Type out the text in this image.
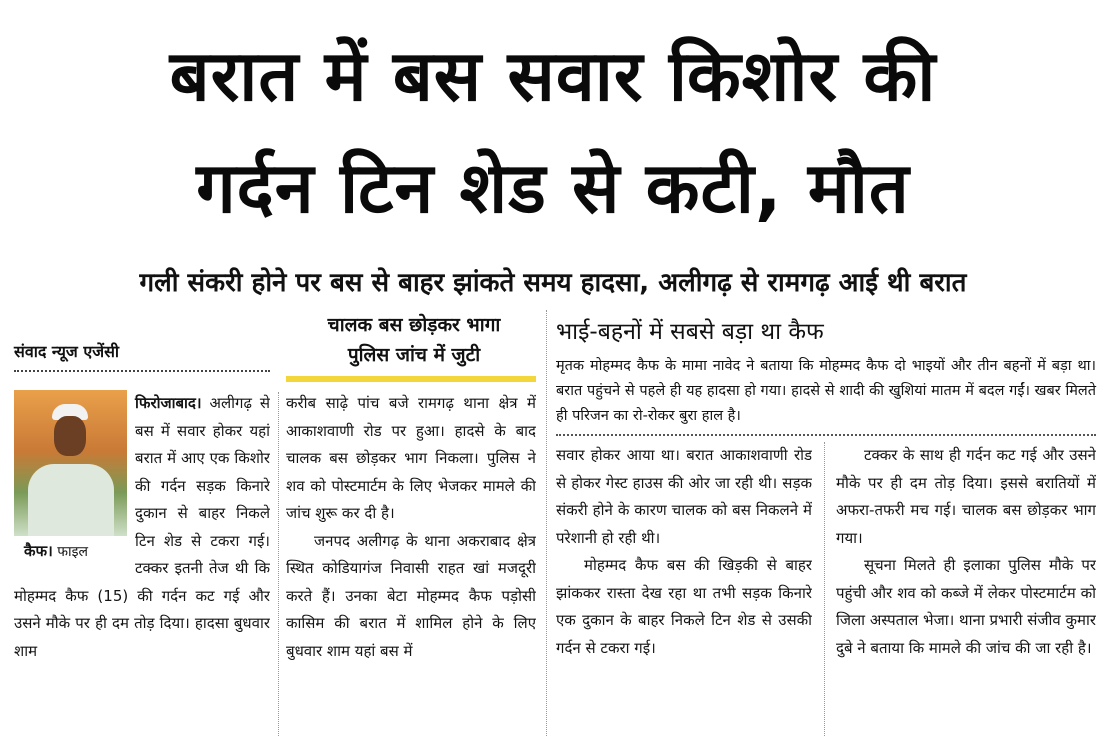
बरात में बस सवार किशोर की
गर्दन टिन शेड से कटी, मौत
गली संकरी होने पर बस से बाहर झांकते समय हादसा, अलीगढ़ से रामगढ़ आई थी बरात
संवाद न्यूज एजेंसी

कैफ। फाइल
फिरोजाबाद। अलीगढ़ से बस में सवार होकर यहां बरात में आए एक किशोर की गर्दन सड़क किनारे दुकान से बाहर निकले टिन शेड से टकरा गई। टक्कर इतनी तेज थी कि मोहम्मद कैफ (15) की गर्दन कट गई और उसने मौके पर ही दम तोड़ दिया। हादसा बुधवार शाम

चालक बस छोड़कर भागा
पुलिस जांच में जुटी

करीब साढ़े पांच बजे रामगढ़ थाना क्षेत्र में आकाशवाणी रोड पर हुआ। हादसे के बाद चालक बस छोड़कर भाग निकला। पुलिस ने शव को पोस्टमार्टम के लिए भेजकर मामले की जांच शुरू कर दी है।

जनपद अलीगढ़ के थाना अकराबाद क्षेत्र स्थित कोडियागंज निवासी राहत खां मजदूरी करते हैं। उनका बेटा मोहम्मद कैफ पड़ोसी कासिम की बरात में शामिल होने के लिए बुधवार शाम यहां बस में

भाई-बहनों में सबसे बड़ा था कैफ
मृतक मोहम्मद कैफ के मामा नावेद ने बताया कि मोहम्मद कैफ दो भाइयों और तीन बहनों में बड़ा था। बरात पहुंचने से पहले ही यह हादसा हो गया। हादसे से शादी की खुशियां मातम में बदल गईं। खबर मिलते ही परिजन का रो-रोकर बुरा हाल है।

सवार होकर आया था। बरात आकाशवाणी रोड से होकर गेस्ट हाउस की ओर जा रही थी। सड़क संकरी होने के कारण चालक को बस निकलने में परेशानी हो रही थी।

मोहम्मद कैफ बस की खिड़की से बाहर झांककर रास्ता देख रहा था तभी सड़क किनारे एक दुकान के बाहर निकले टिन शेड से उसकी गर्दन से टकरा गई।

टक्कर के साथ ही गर्दन कट गई और उसने मौके पर ही दम तोड़ दिया। इससे बरातियों में अफरा-तफरी मच गई। चालक बस छोड़कर भाग गया।

सूचना मिलते ही इलाका पुलिस मौके पर पहुंची और शव को कब्जे में लेकर पोस्टमार्टम को जिला अस्पताल भेजा। थाना प्रभारी संजीव कुमार दुबे ने बताया कि मामले की जांच की जा रही है।
